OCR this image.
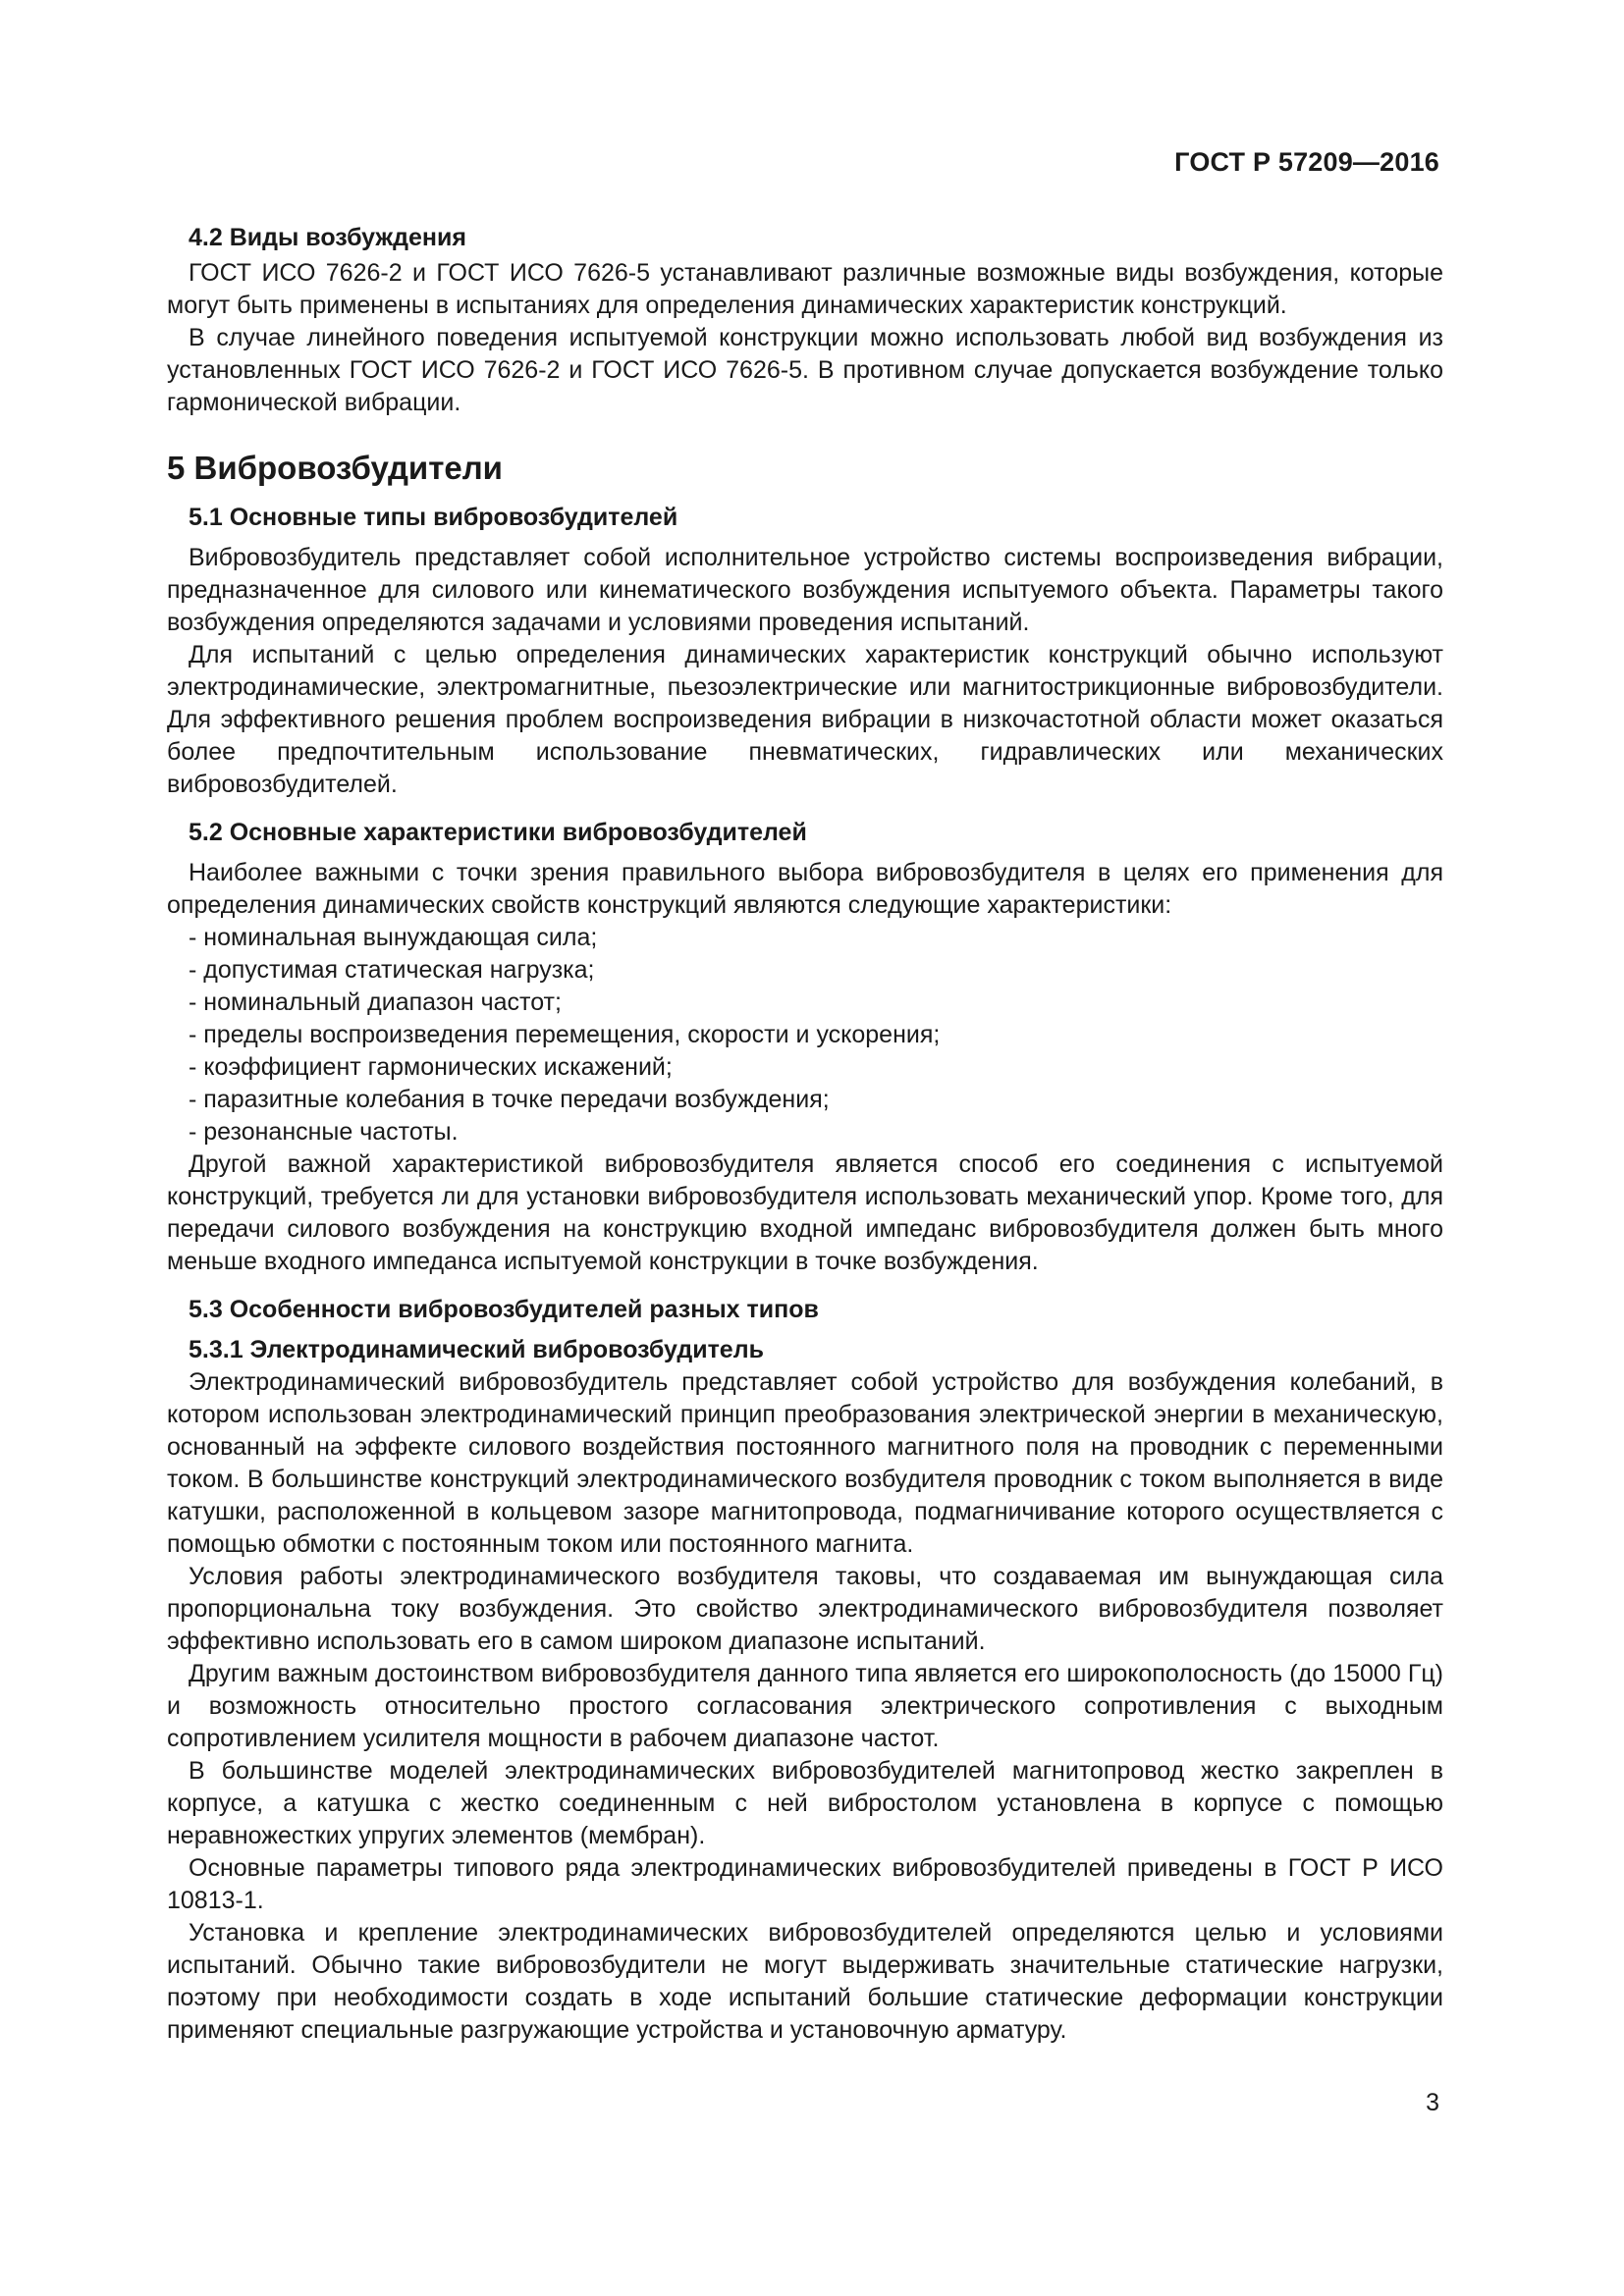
ГОСТ Р 57209—2016
4.2 Виды возбуждения

ГОСТ ИСО 7626-2 и ГОСТ ИСО 7626-5 устанавливают различные возможные виды возбуждения, которые могут быть применены в испытаниях для определения динамических характеристик конструкций.

В случае линейного поведения испытуемой конструкции можно использовать любой вид возбуждения из установленных ГОСТ ИСО 7626-2 и ГОСТ ИСО 7626-5. В противном случае допускается возбуждение только гармонической вибрации.

5 Вибровозбудители
5.1 Основные типы вибровозбудителей

Вибровозбудитель представляет собой исполнительное устройство системы воспроизведения вибрации, предназначенное для силового или кинематического возбуждения испытуемого объекта. Параметры такого возбуждения определяются задачами и условиями проведения испытаний.

Для испытаний с целью определения динамических характеристик конструкций обычно используют электродинамические, электромагнитные, пьезоэлектрические или магнитострикционные вибровозбудители. Для эффективного решения проблем воспроизведения вибрации в низкочастотной области может оказаться более предпочтительным использование пневматических, гидравлических или механических вибровозбудителей.

5.2 Основные характеристики вибровозбудителей

Наиболее важными с точки зрения правильного выбора вибровозбудителя в целях его применения для определения динамических свойств конструкций являются следующие характеристики:

- номинальная вынуждающая сила;
- допустимая статическая нагрузка;
- номинальный диапазон частот;
- пределы воспроизведения перемещения, скорости и ускорения;
- коэффициент гармонических искажений;
- паразитные колебания в точке передачи возбуждения;
- резонансные частоты.

Другой важной характеристикой вибровозбудителя является способ его соединения с испытуемой конструкций, требуется ли для установки вибровозбудителя использовать механический упор. Кроме того, для передачи силового возбуждения на конструкцию входной импеданс вибровозбудителя должен быть много меньше входного импеданса испытуемой конструкции в точке возбуждения.

5.3 Особенности вибровозбудителей разных типов
5.3.1 Электродинамический вибровозбудитель

Электродинамический вибровозбудитель представляет собой устройство для возбуждения колебаний, в котором использован электродинамический принцип преобразования электрической энергии в механическую, основанный на эффекте силового воздействия постоянного магнитного поля на проводник с переменными током. В большинстве конструкций электродинамического возбудителя проводник с током выполняется в виде катушки, расположенной в кольцевом зазоре магнитопровода, подмагничивание которого осуществляется с помощью обмотки с постоянным током или постоянного магнита.

Условия работы электродинамического возбудителя таковы, что создаваемая им вынуждающая сила пропорциональна току возбуждения. Это свойство электродинамического вибровозбудителя позволяет эффективно использовать его в самом широком диапазоне испытаний.

Другим важным достоинством вибровозбудителя данного типа является его широкополосность (до 15000 Гц) и возможность относительно простого согласования электрического сопротивления с выходным сопротивлением усилителя мощности в рабочем диапазоне частот.

В большинстве моделей электродинамических вибровозбудителей магнитопровод жестко закреплен в корпусе, а катушка с жестко соединенным с ней вибростолом установлена в корпусе с помощью неравножестких упругих элементов (мембран).

Основные параметры типового ряда электродинамических вибровозбудителей приведены в ГОСТ Р ИСО 10813-1.

Установка и крепление электродинамических вибровозбудителей определяются целью и условиями испытаний. Обычно такие вибровозбудители не могут выдерживать значительные статические нагрузки, поэтому при необходимости создать в ходе испытаний большие статические деформации конструкции применяют специальные разгружающие устройства и установочную арматуру.

3
